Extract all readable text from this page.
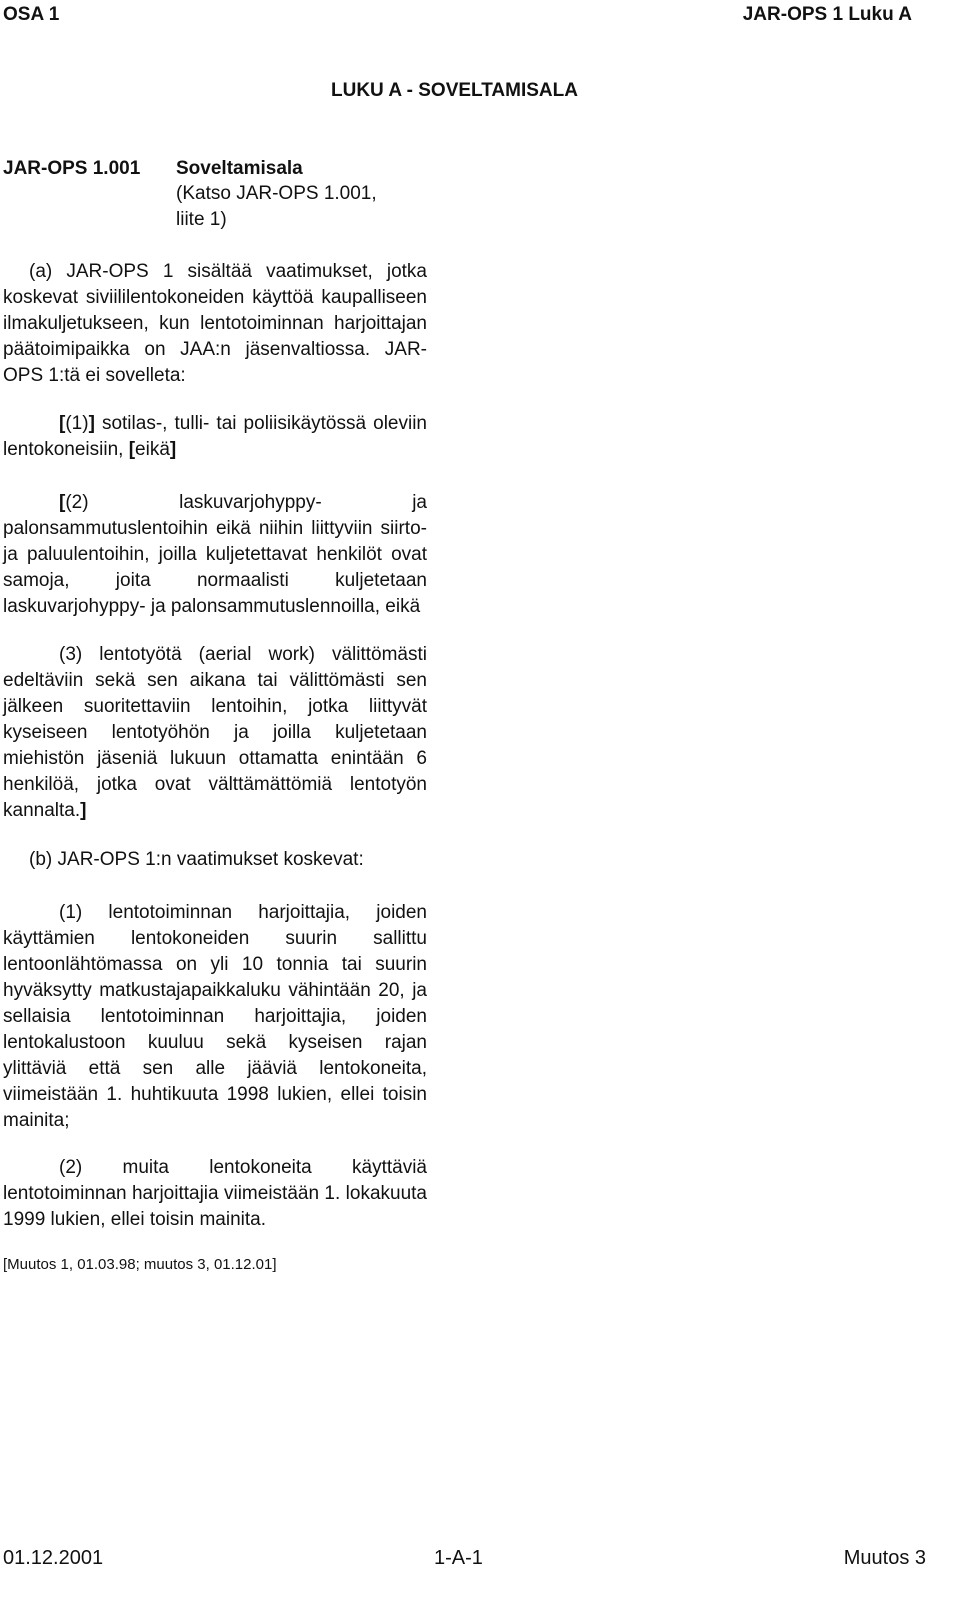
OSA 1	JAR-OPS 1 Luku A
LUKU A - SOVELTAMISALA
JAR-OPS 1.001 Soveltamisala
(Katso JAR-OPS 1.001,
liite 1)
(a) JAR-OPS 1 sisältää vaatimukset, jotka koskevat siviililentokoneiden käyttöä kaupalliseen ilmakuljetukseen, kun lentotoiminnan harjoittajan päätoimipaikka on JAA:n jäsenvaltiossa. JAR-OPS 1:tä ei sovelleta:
[(1)] sotilas-, tulli- tai poliisikäytössä oleviin lentokoneisiin, [eikä]
[(2) laskuvarjohyppy- ja palonsammutuslentoihin eikä niihin liittyviin siirto- ja paluulentoihin, joilla kuljetettavat henkilöt ovat samoja, joita normaalisti kuljetetaan laskuvarjohyppy- ja palonsammutuslennoilla, eikä
(3) lentotyötä (aerial work) välittömästi edeltäviin sekä sen aikana tai välittömästi sen jälkeen suoritettaviin lentoihin, jotka liittyvät kyseiseen lentotyöhön ja joilla kuljetetaan miehistön jäseniä lukuun ottamatta enintään 6 henkilöä, jotka ovat välttämättömiä lentotyön kannalta.]
(b) JAR-OPS 1:n vaatimukset koskevat:
(1) lentotoiminnan harjoittajia, joiden käyttämien lentokoneiden suurin sallittu lentoonlähtömassa on yli 10 tonnia tai suurin hyväksytty matkustajapaikkaluku vähintään 20, ja sellaisia lentotoiminnan harjoittajia, joiden lentokalustoon kuuluu sekä kyseisen rajan ylittäviä että sen alle jääviä lentokoneita, viimeistään 1. huhtikuuta 1998 lukien, ellei toisin mainita;
(2) muita lentokoneita käyttäviä lentotoiminnan harjoittajia viimeistään 1. lokakuuta 1999 lukien, ellei toisin mainita.
[Muutos 1, 01.03.98; muutos 3, 01.12.01]
01.12.2001	1-A-1	Muutos 3
